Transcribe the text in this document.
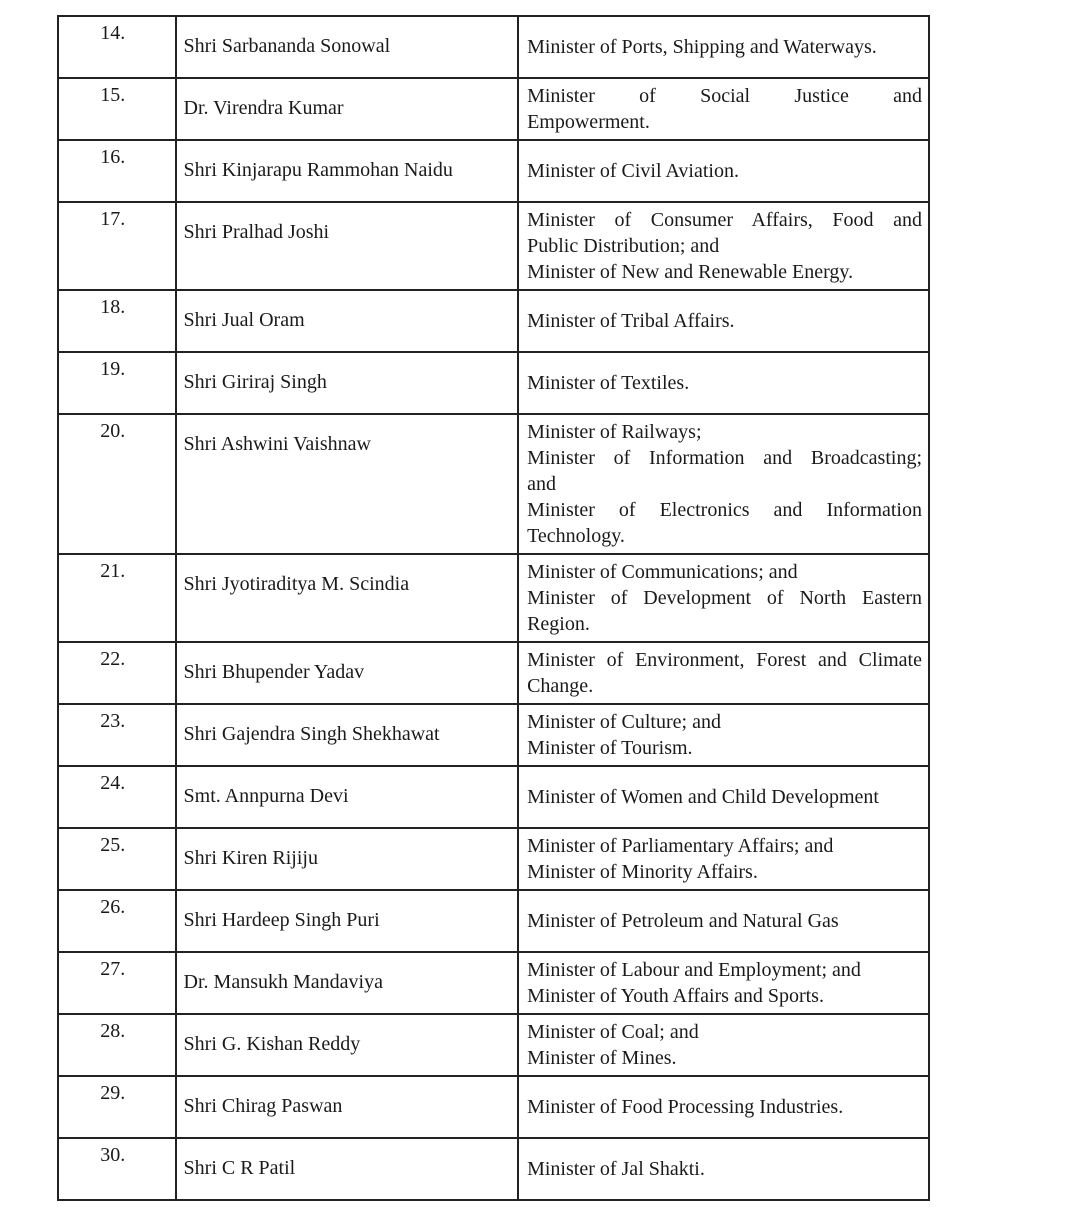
14.	Shri Sarbananda Sonowal	Minister of Ports, Shipping and Waterways.

15.	Dr. Virendra Kumar	Minister of Social Justice and
Empowerment.

16.	Shri Kinjarapu Rammohan Naidu	Minister of Civil Aviation.

17.	Shri Pralhad Joshi	Minister of Consumer Affairs, Food and
Public Distribution; and
Minister of New and Renewable Energy.

18.	Shri Jual Oram	Minister of Tribal Affairs.

19.	Shri Giriraj Singh	Minister of Textiles.

20.	Shri Ashwini Vaishnaw	Minister of Railways;
Minister of Information and Broadcasting;
and
Minister of Electronics and Information
Technology.

21.	Shri Jyotiraditya M. Scindia	Minister of Communications; and
Minister of Development of North Eastern
Region.

22.	Shri Bhupender Yadav	Minister of Environment, Forest and Climate
Change.

23.	Shri Gajendra Singh Shekhawat	Minister of Culture; and
Minister of Tourism.

24.	Smt. Annpurna Devi	Minister of Women and Child Development

25.	Shri Kiren Rijiju	Minister of Parliamentary Affairs; and
Minister of Minority Affairs.

26.	Shri Hardeep Singh Puri	Minister of Petroleum and Natural Gas

27.	Dr. Mansukh Mandaviya	Minister of Labour and Employment; and
Minister of Youth Affairs and Sports.

28.	Shri G. Kishan Reddy	Minister of Coal; and
Minister of Mines.

29.	Shri Chirag Paswan	Minister of Food Processing Industries.

30.	Shri C R Patil	Minister of Jal Shakti.
